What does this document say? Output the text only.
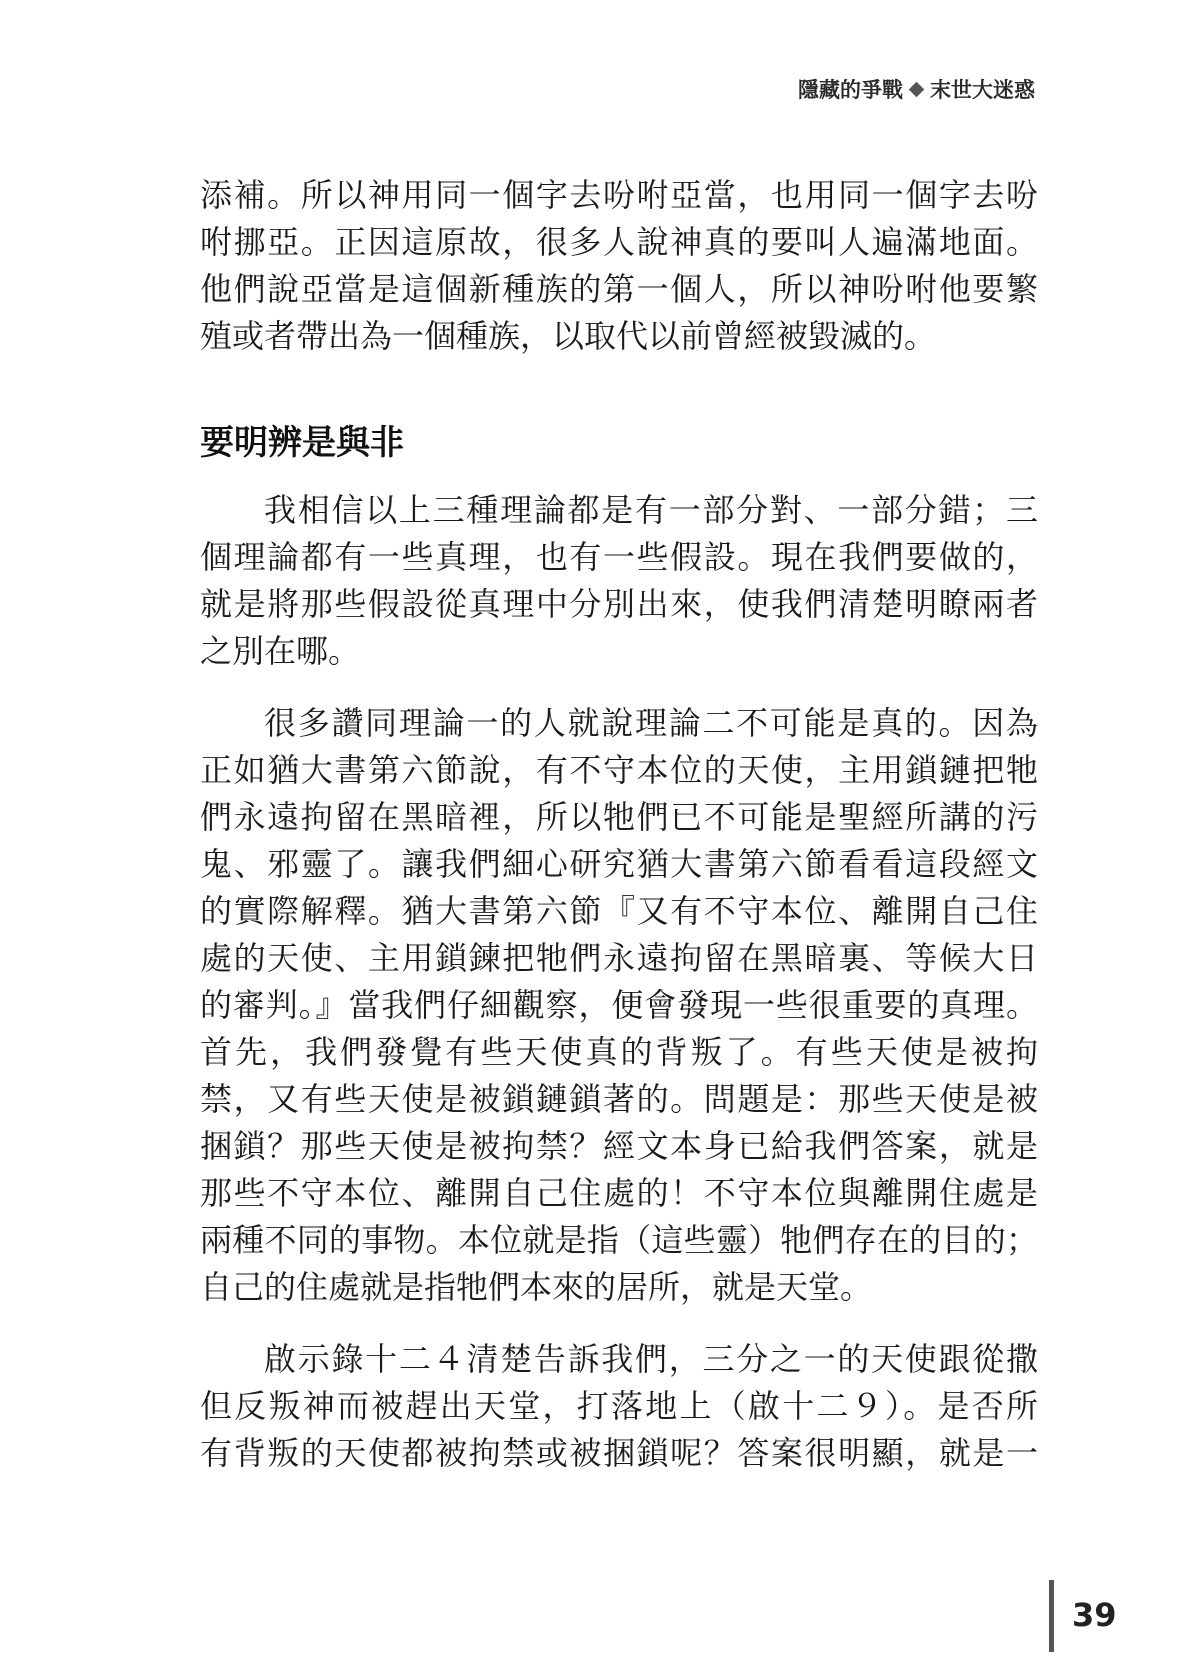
隱藏的爭戰 末世大迷惑
添補。所以神用同一個字去吩咐亞當，也用同一個字去吩
咐挪亞。正因這原故，很多人說神真的要叫人遍滿地面。
他們說亞當是這個新種族的第一個人，所以神吩咐他要繁
殖或者帶出為一個種族，以取代以前曾經被毀滅的。
要明辨是與非
我相信以上三種理論都是有一部分對、一部分錯；三
個理論都有一些真理，也有一些假設。現在我們要做的，
就是將那些假設從真理中分別出來，使我們清楚明瞭兩者
之別在哪。
很多讚同理論一的人就說理論二不可能是真的。因為
正如猶大書第六節說，有不守本位的天使，主用鎖鏈把牠
們永遠拘留在黑暗裡，所以牠們已不可能是聖經所講的污
鬼、邪靈了。讓我們細心研究猶大書第六節看看這段經文
的實際解釋。猶大書第六節『又有不守本位、離開自己住
處的天使、主用鎖鍊把牠們永遠拘留在黑暗裏、等候大日
的審判。』當我們仔細觀察，便會發現一些很重要的真理。
首先，我們發覺有些天使真的背叛了。有些天使是被拘
禁，又有些天使是被鎖鏈鎖著的。問題是：那些天使是被
捆鎖？那些天使是被拘禁？經文本身已給我們答案，就是
那些不守本位、離開自己住處的！不守本位與離開住處是
兩種不同的事物。本位就是指（這些靈）牠們存在的目的；
自己的住處就是指牠們本來的居所，就是天堂。
啟示錄十二４清楚告訴我們，三分之一的天使跟從撒
但反叛神而被趕出天堂，打落地上（啟十二９）。是否所
有背叛的天使都被拘禁或被捆鎖呢？答案很明顯，就是一
39
